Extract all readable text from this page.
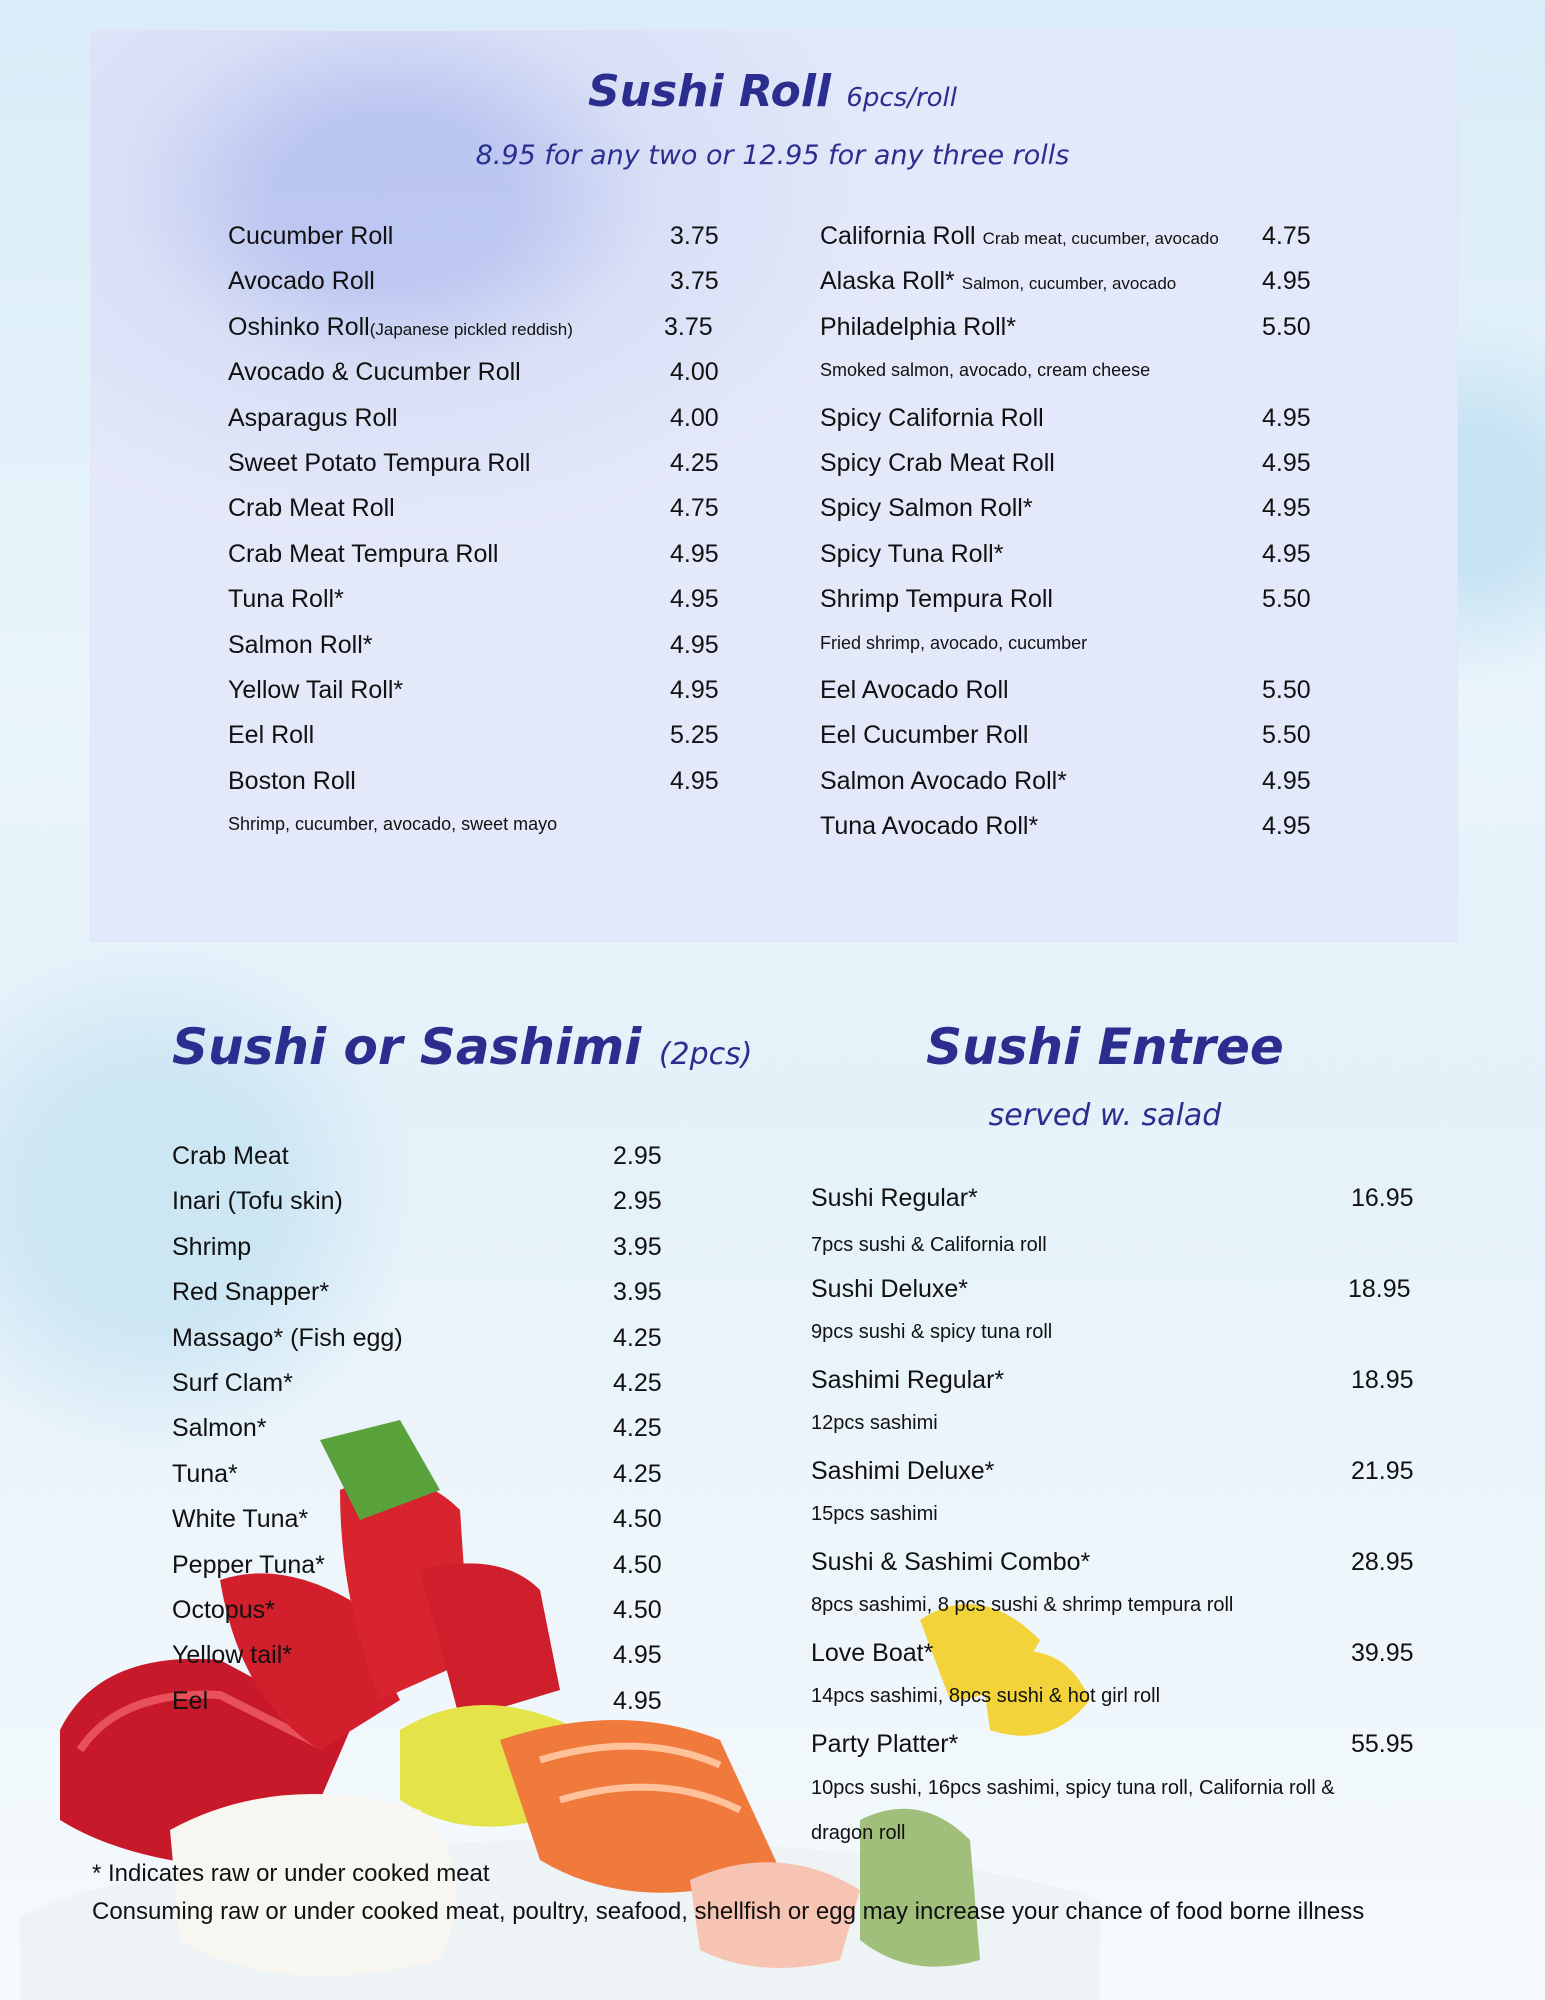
Sushi Roll 6pcs/roll
8.95 for any two or 12.95 for any three rolls
Cucumber Roll	3.75
Avocado Roll	3.75
Oshinko Roll(Japanese pickled reddish)	3.75
Avocado & Cucumber Roll	4.00
Asparagus Roll	4.00
Sweet Potato Tempura Roll	4.25
Crab Meat Roll	4.75
Crab Meat Tempura Roll	4.95
Tuna Roll*	4.95
Salmon Roll*	4.95
Yellow Tail Roll*	4.95
Eel Roll	5.25
Boston Roll	4.95
Shrimp, cucumber, avocado, sweet mayo
California Roll Crab meat, cucumber, avocado 4.75
Alaska Roll* Salmon, cucumber, avocado	4.95
Philadelphia Roll*	5.50
Smoked salmon, avocado, cream cheese
Spicy California Roll	4.95
Spicy Crab Meat Roll	4.95
Spicy Salmon Roll*	4.95
Spicy Tuna Roll*	4.95
Shrimp Tempura Roll	5.50
Fried shrimp, avocado, cucumber
Eel Avocado Roll	5.50
Eel Cucumber Roll	5.50
Salmon Avocado Roll*	4.95
Tuna Avocado Roll*	4.95
Sushi or Sashimi (2pcs)
Crab Meat	2.95
Inari (Tofu skin)	2.95
Shrimp	3.95
Red Snapper*	3.95
Massago* (Fish egg)	4.25
Surf Clam*	4.25
Salmon*	4.25
Tuna*	4.25
White Tuna*	4.50
Pepper Tuna*	4.50
Octopus*	4.50
Yellow tail*	4.95
Eel	4.95
Sushi Entree
served w. salad
Sushi Regular*	16.95
7pcs sushi & California roll
Sushi Deluxe*	18.95
9pcs sushi & spicy tuna roll
Sashimi Regular*	18.95
12pcs sashimi
Sashimi Deluxe*	21.95
15pcs sashimi
Sushi & Sashimi Combo*	28.95
8pcs sashimi, 8 pcs sushi & shrimp tempura roll
Love Boat*	39.95
14pcs sashimi, 8pcs sushi & hot girl roll
Party Platter*	55.95
10pcs sushi, 16pcs sashimi, spicy tuna roll, California roll &
dragon roll
* Indicates raw or under cooked meat
Consuming raw or under cooked meat, poultry, seafood, shellfish or egg may increase your chance of food borne illness
